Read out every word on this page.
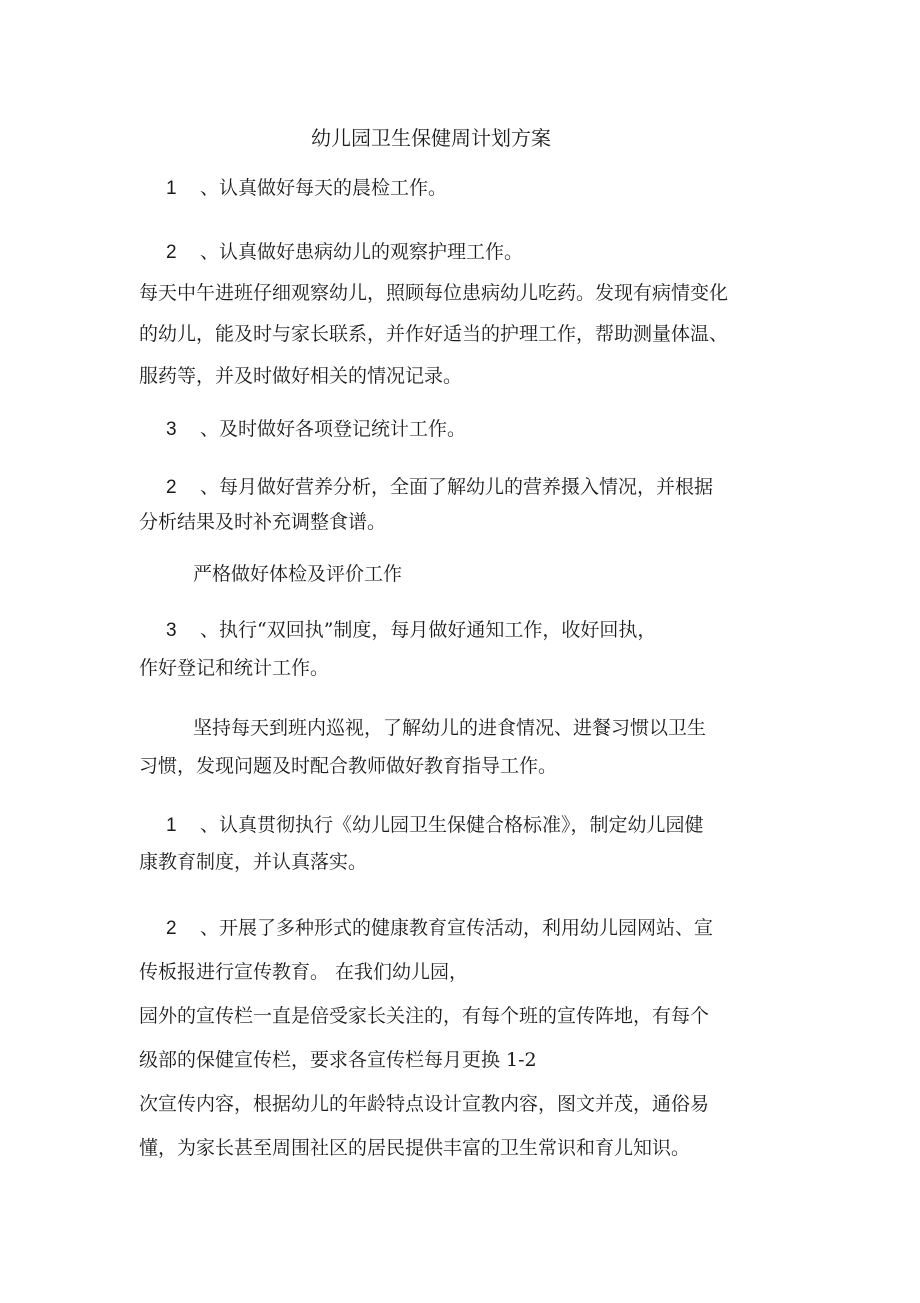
幼儿园卫生保健周计划方案
1 、认真做好每天的晨检工作。
2 、认真做好患病幼儿的观察护理工作。
每天中午进班仔细观察幼儿，照顾每位患病幼儿吃药。发现有病情变化
的幼儿，能及时与家长联系，并作好适当的护理工作，帮助测量体温、
服药等，并及时做好相关的情况记录。
3 、及时做好各项登记统计工作。
2 、每月做好营养分析，全面了解幼儿的营养摄入情况，并根据
分析结果及时补充调整食谱。
严格做好体检及评价工作
3 、执行“双回执”制度，每月做好通知工作，收好回执，
作好登记和统计工作。
坚持每天到班内巡视，了解幼儿的进食情况、进餐习惯以卫生
习惯，发现问题及时配合教师做好教育指导工作。
1 、认真贯彻执行《幼儿园卫生保健合格标准》，制定幼儿园健
康教育制度，并认真落实。
2 、开展了多种形式的健康教育宣传活动，利用幼儿园网站、宣
传板报进行宣传教育。 在我们幼儿园，
园外的宣传栏一直是倍受家长关注的，有每个班的宣传阵地，有每个
级部的保健宣传栏，要求各宣传栏每月更换 1-2
次宣传内容，根据幼儿的年龄特点设计宣教内容，图文并茂，通俗易
懂，为家长甚至周围社区的居民提供丰富的卫生常识和育儿知识。
